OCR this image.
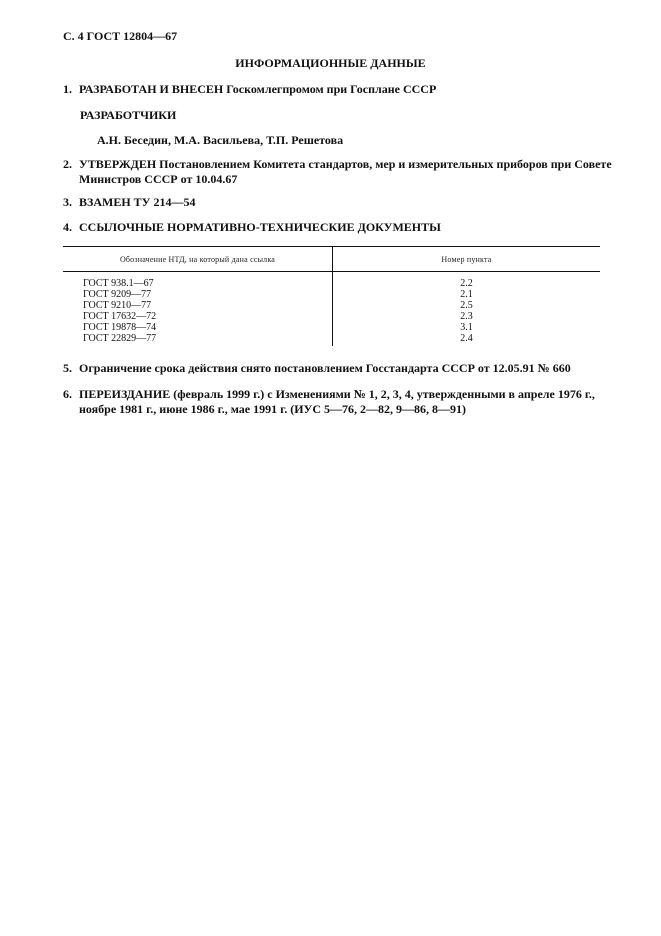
С. 4 ГОСТ 12804—67
ИНФОРМАЦИОННЫЕ ДАННЫЕ
1. РАЗРАБОТАН И ВНЕСЕН Госкомлегпромом при Госплане СССР
РАЗРАБОТЧИКИ
А.Н. Беседин, М.А. Васильева, Т.П. Решетова
2. УТВЕРЖДЕН Постановлением Комитета стандартов, мер и измерительных приборов при Совете
Министров СССР от 10.04.67
3. ВЗАМЕН ТУ 214—54
4. ССЫЛОЧНЫЕ НОРМАТИВНО-ТЕХНИЧЕСКИЕ ДОКУМЕНТЫ
Обозначение НТД, на который дана ссылка	Номер пункта
ГОСТ 938.1—67	2.2
ГОСТ 9209—77	2.1
ГОСТ 9210—77	2.5
ГОСТ 17632—72	2.3
ГОСТ 19878—74	3.1
ГОСТ 22829—77	2.4
5. Ограничение срока действия снято постановлением Госстандарта СССР от 12.05.91 № 660
6. ПЕРЕИЗДАНИЕ (февраль 1999 г.) с Изменениями № 1, 2, 3, 4, утвержденными в апреле 1976 г.,
ноябре 1981 г., июне 1986 г., мае 1991 г. (ИУС 5—76, 2—82, 9—86, 8—91)
